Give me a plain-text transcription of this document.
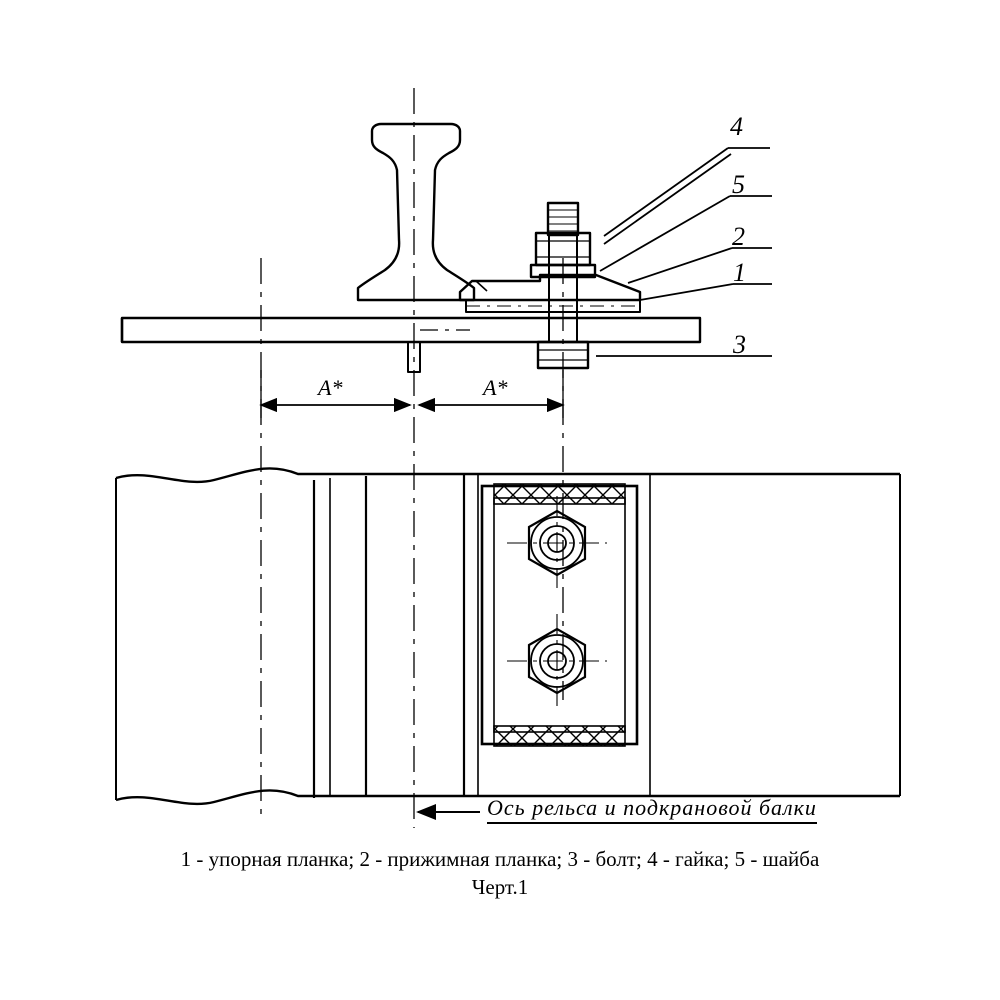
A*	A*
4
5
2
1
3
Ось рельса и подкрановой балки
1 - упорная планка; 2 - прижимная планка; 3 - болт; 4 - гайка; 5 - шайба
Черт.1
